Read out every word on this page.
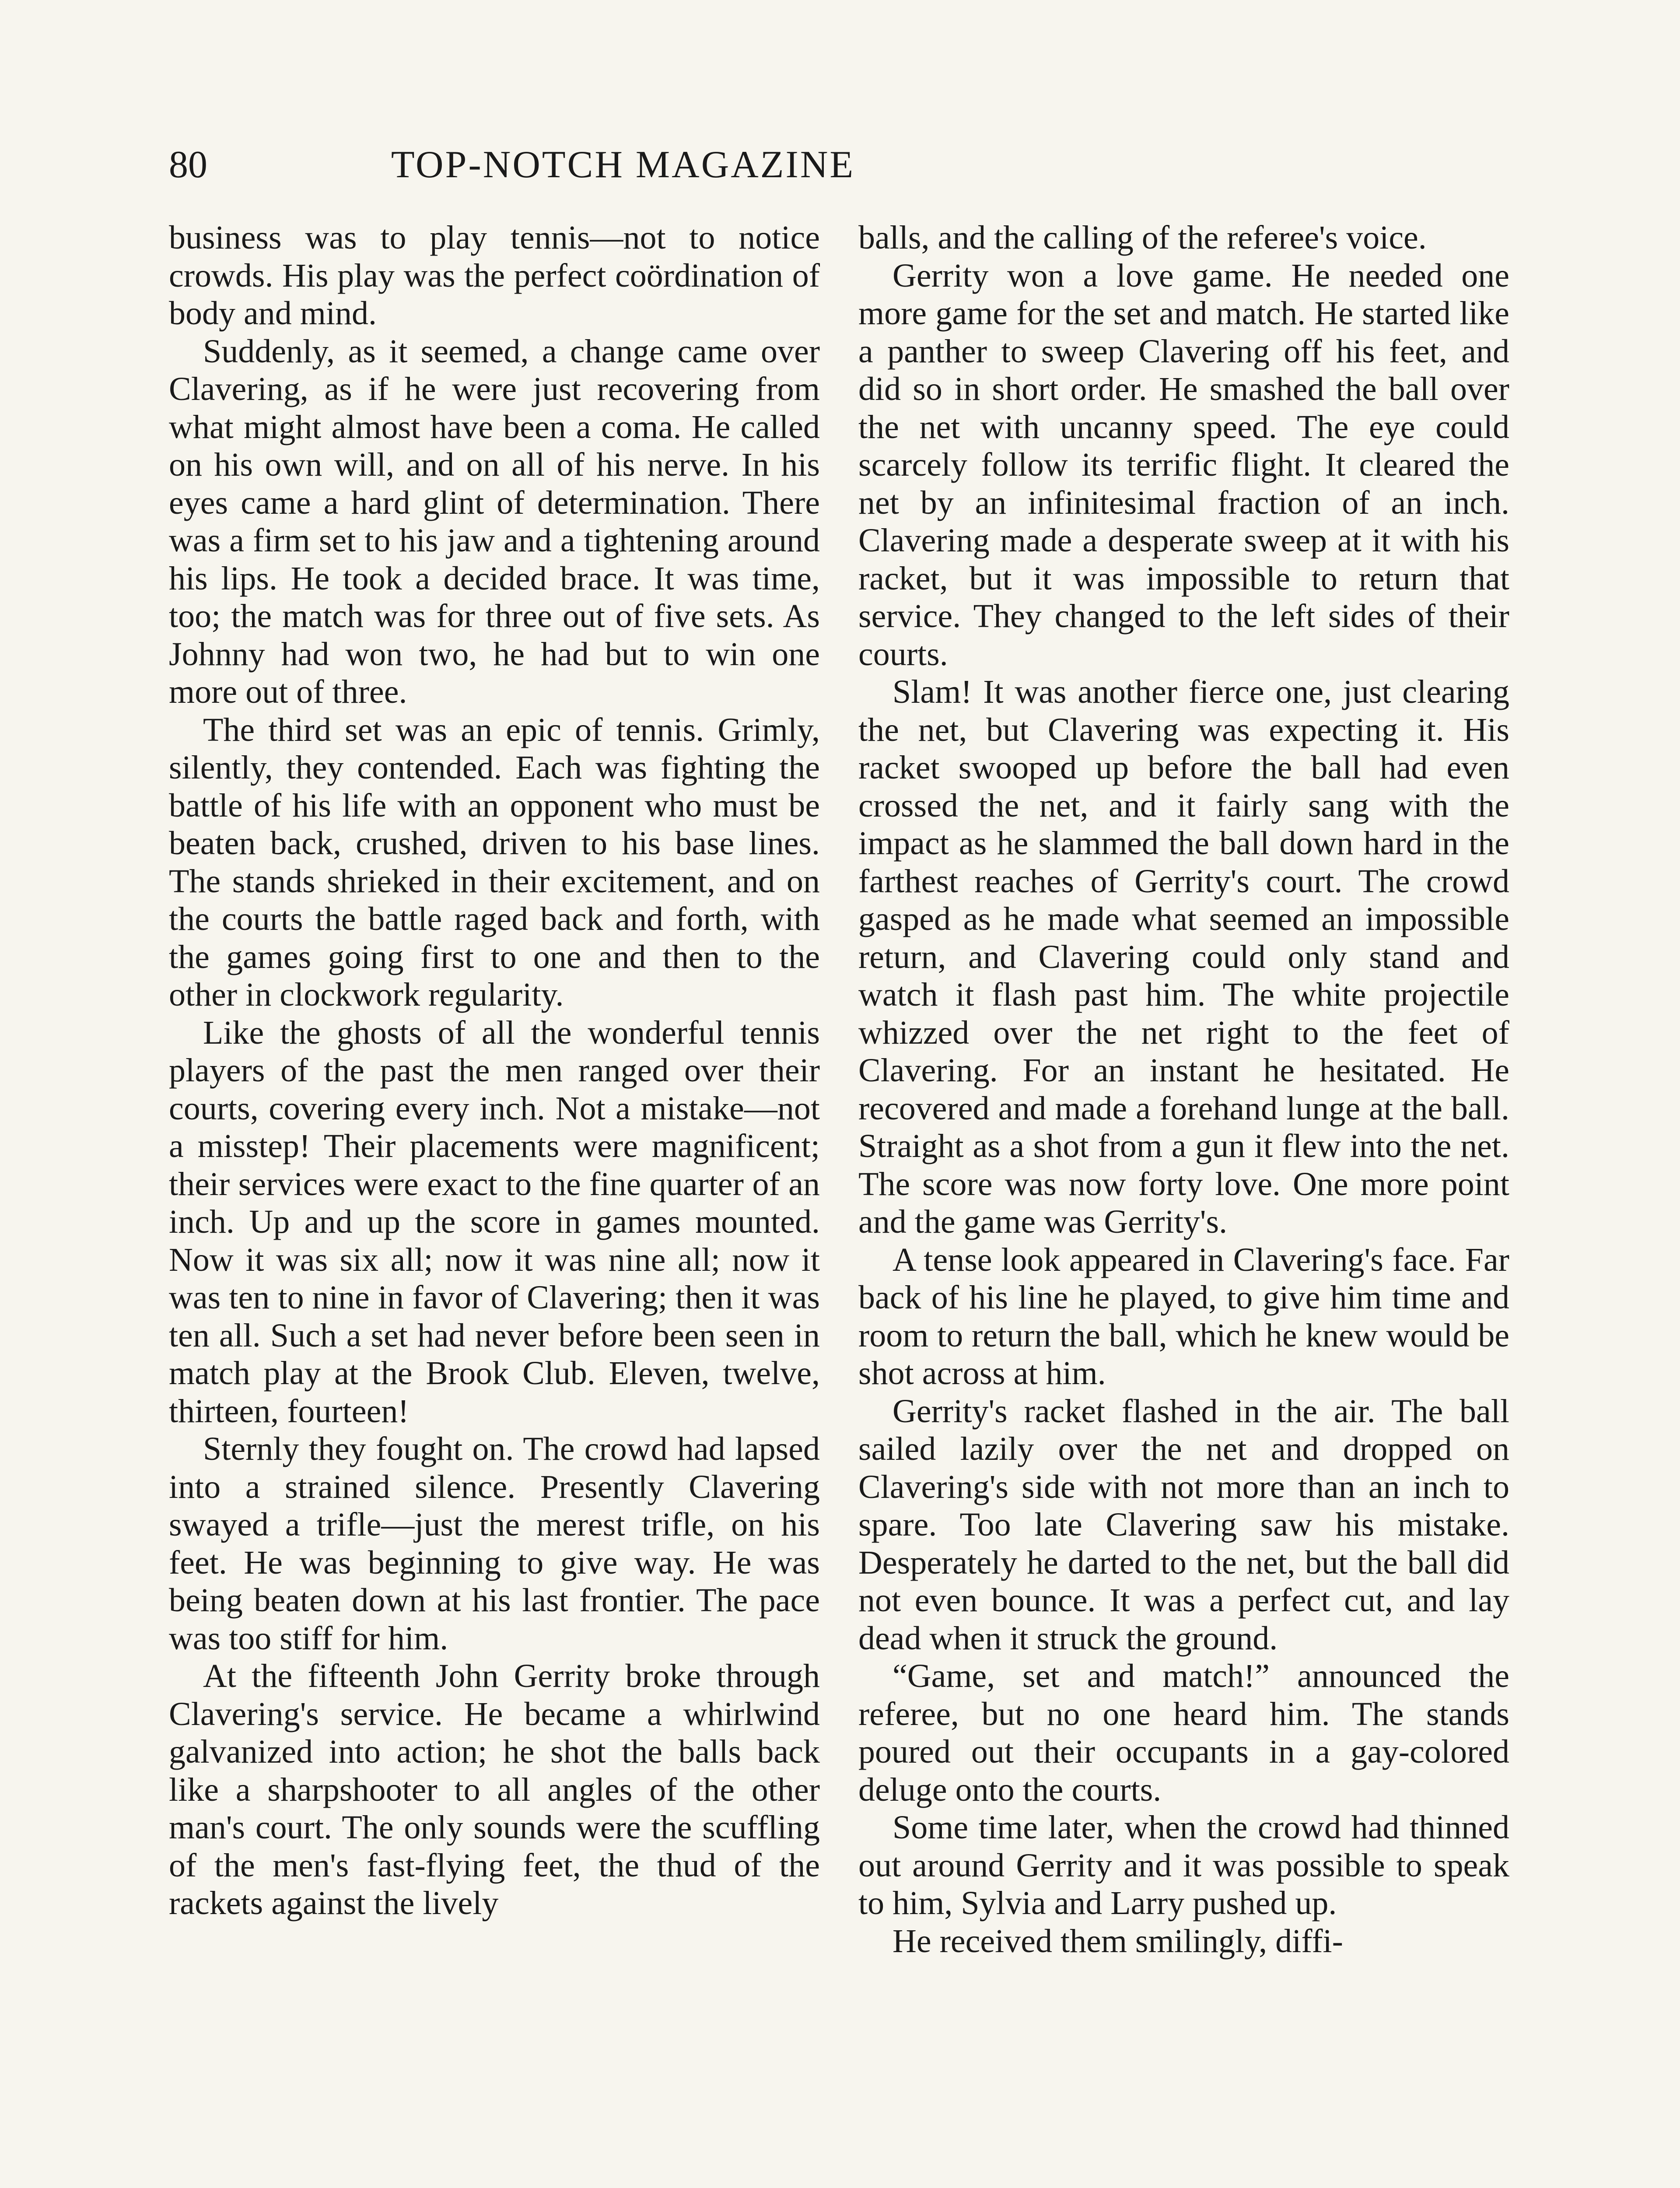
TOP-NOTCH MAGAZINE
80

business was to play tennis—not to notice crowds. His play was the perfect coördination of body and mind.

Suddenly, as it seemed, a change came over Clavering, as if he were just recovering from what might almost have been a coma. He called on his own will, and on all of his nerve. In his eyes came a hard glint of determination. There was a firm set to his jaw and a tightening around his lips. He took a decided brace. It was time, too; the match was for three out of five sets. As Johnny had won two, he had but to win one more out of three.

The third set was an epic of tennis. Grimly, silently, they contended. Each was fighting the battle of his life with an opponent who must be beaten back, crushed, driven to his base lines. The stands shrieked in their excitement, and on the courts the battle raged back and forth, with the games going first to one and then to the other in clockwork regularity.

Like the ghosts of all the wonderful tennis players of the past the men ranged over their courts, covering every inch. Not a mistake—not a misstep! Their placements were magnificent; their services were exact to the fine quarter of an inch. Up and up the score in games mounted. Now it was six all; now it was nine all; now it was ten to nine in favor of Clavering; then it was ten all. Such a set had never before been seen in match play at the Brook Club. Eleven, twelve, thirteen, fourteen!

Sternly they fought on. The crowd had lapsed into a strained silence. Presently Clavering swayed a trifle—just the merest trifle, on his feet. He was beginning to give way. He was being beaten down at his last frontier. The pace was too stiff for him.

At the fifteenth John Gerrity broke through Clavering's service. He became a whirlwind galvanized into action; he shot the balls back like a sharpshooter to all angles of the other man's court. The only sounds were the scuffling of the men's fast-flying feet, the thud of the rackets against the lively

balls, and the calling of the referee's voice.

Gerrity won a love game. He needed one more game for the set and match. He started like a panther to sweep Clavering off his feet, and did so in short order. He smashed the ball over the net with uncanny speed. The eye could scarcely follow its terrific flight. It cleared the net by an infinitesimal fraction of an inch. Clavering made a desperate sweep at it with his racket, but it was impossible to return that service. They changed to the left sides of their courts.

Slam! It was another fierce one, just clearing the net, but Clavering was expecting it. His racket swooped up before the ball had even crossed the net, and it fairly sang with the impact as he slammed the ball down hard in the farthest reaches of Gerrity's court. The crowd gasped as he made what seemed an impossible return, and Clavering could only stand and watch it flash past him. The white projectile whizzed over the net right to the feet of Clavering. For an instant he hesitated. He recovered and made a forehand lunge at the ball. Straight as a shot from a gun it flew into the net. The score was now forty love. One more point and the game was Gerrity's.

A tense look appeared in Clavering's face. Far back of his line he played, to give him time and room to return the ball, which he knew would be shot across at him.

Gerrity's racket flashed in the air. The ball sailed lazily over the net and dropped on Clavering's side with not more than an inch to spare. Too late Clavering saw his mistake. Desperately he darted to the net, but the ball did not even bounce. It was a perfect cut, and lay dead when it struck the ground.

“Game, set and match!” announced the referee, but no one heard him. The stands poured out their occupants in a gay-colored deluge onto the courts.

Some time later, when the crowd had thinned out around Gerrity and it was possible to speak to him, Sylvia and Larry pushed up.

He received them smilingly, diffi-
